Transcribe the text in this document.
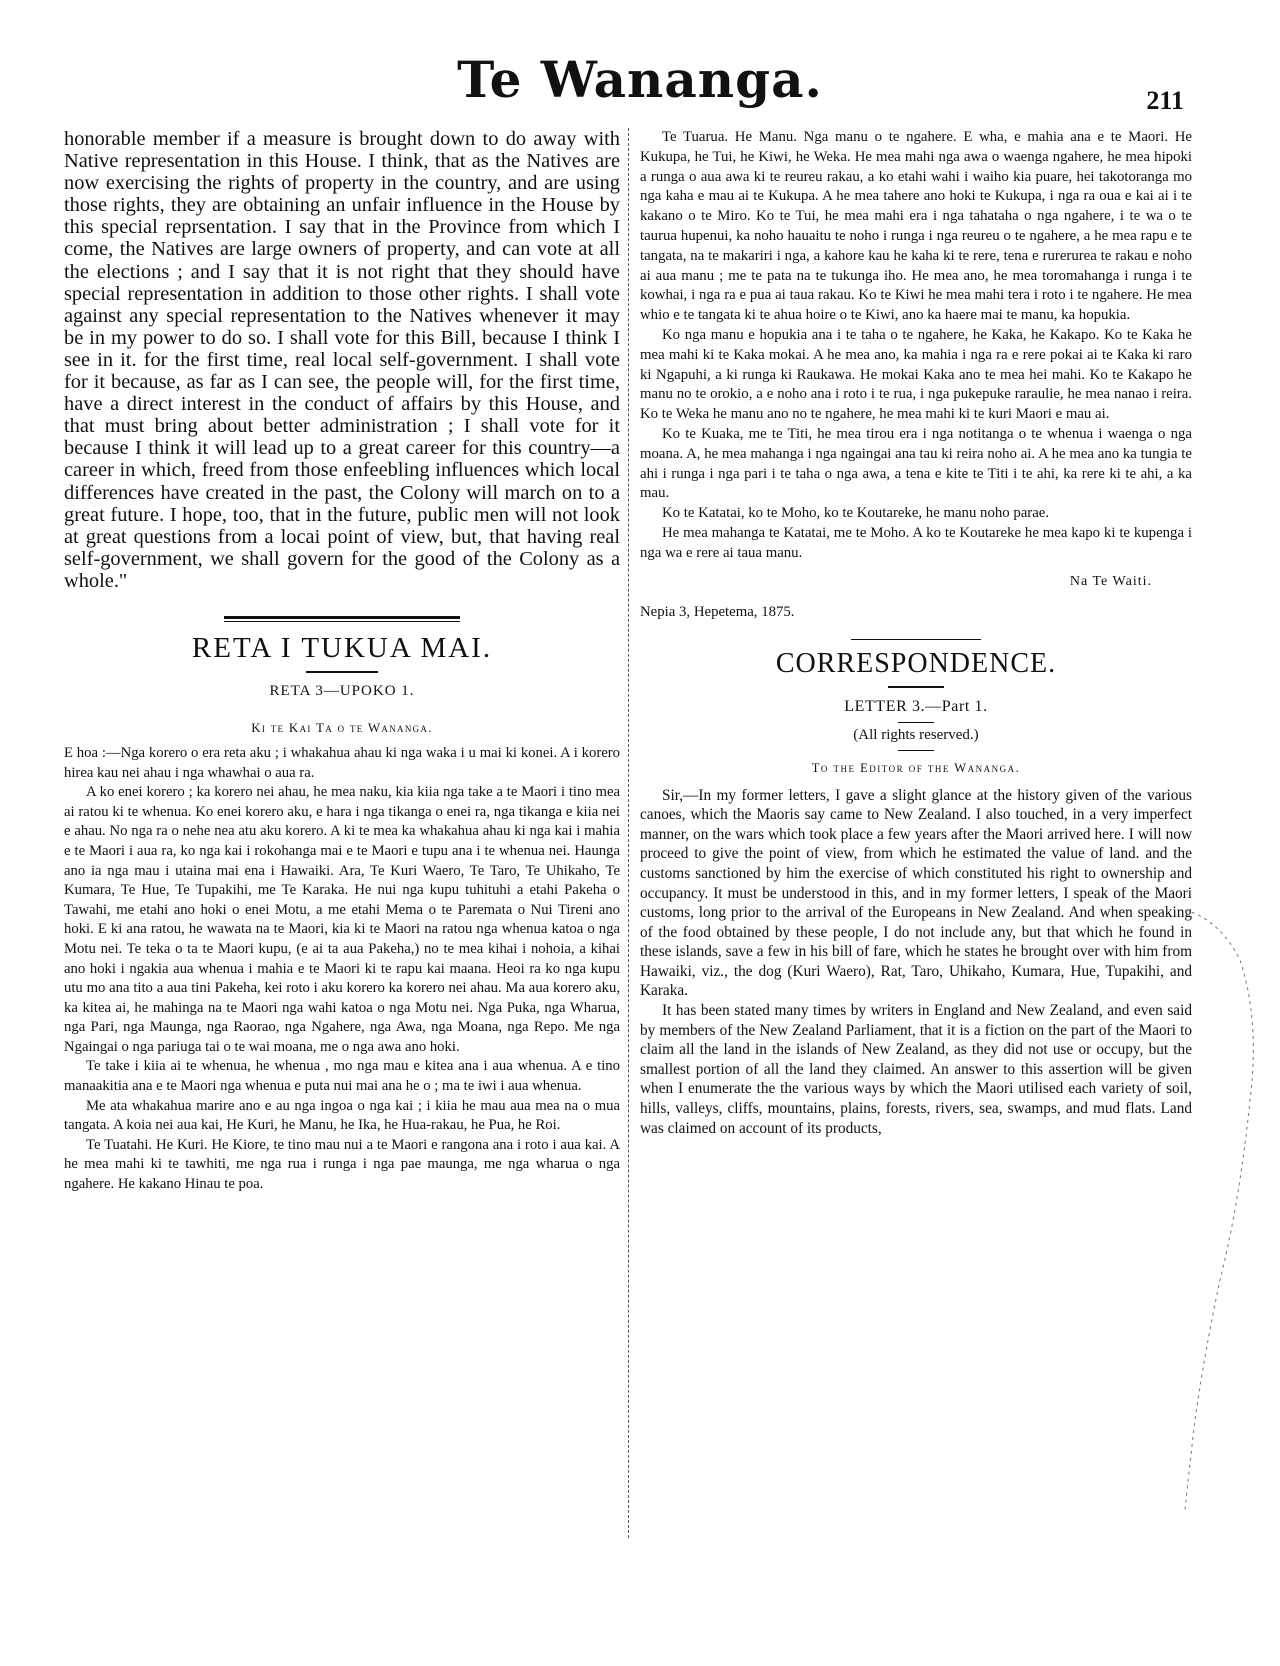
Te Wananga.	211

honorable member if a measure is brought down to do away with Native representation in this House. I think, that as the Natives are now exercising the rights of property in the country, and are using those rights, they are obtaining an unfair influence in the House by this special reprsentation. I say that in the Province from which I come, the Natives are large owners of property, and can vote at all the elections ; and I say that it is not right that they should have special representation in addition to those other rights. I shall vote against any special representation to the Natives whenever it may be in my power to do so. I shall vote for this Bill, because I think I see in it. for the first time, real local self-government. I shall vote for it because, as far as I can see, the people will, for the first time, have a direct interest in the conduct of affairs by this House, and that must bring about better administration ; I shall vote for it because I think it will lead up to a great career for this country—a career in which, freed from those enfeebling influences which local differences have created in the past, the Colony will march on to a great future. I hope, too, that in the future, public men will not look at great questions from a locai point of view, but, that having real self-government, we shall govern for the good of the Colony as a whole."

RETA I TUKUA MAI.
RETA 3—UPOKO 1.
Ki te Kai Ta o te Wananga.

E hoa :—Nga korero o era reta aku ; i whakahua ahau ki nga waka i u mai ki konei. A i korero hirea kau nei ahau i nga whawhai o aua ra.

A ko enei korero ; ka korero nei ahau, he mea naku, kia kiia nga take a te Maori i tino mea ai ratou ki te whenua. Ko enei korero aku, e hara i nga tikanga o enei ra, nga tikanga e kiia nei e ahau. No nga ra o nehe nea atu aku korero. A ki te mea ka whakahua ahau ki nga kai i mahia e te Maori i aua ra, ko nga kai i rokohanga mai e te Maori e tupu ana i te whenua nei. Haunga ano ia nga mau i utaina mai ena i Hawaiki. Ara, Te Kuri Waero, Te Taro, Te Uhikaho, Te Kumara, Te Hue, Te Tupakihi, me Te Karaka. He nui nga kupu tuhituhi a etahi Pakeha o Tawahi, me etahi ano hoki o enei Motu, a me etahi Mema o te Paremata o Nui Tireni ano hoki. E ki ana ratou, he wawata na te Maori, kia ki te Maori na ratou nga whenua katoa o nga Motu nei. Te teka o ta te Maori kupu, (e ai ta aua Pakeha,) no te mea kihai i nohoia, a kihai ano hoki i ngakia aua whenua i mahia e te Maori ki te rapu kai maana. Heoi ra ko nga kupu utu mo ana tito a aua tini Pakeha, kei roto i aku korero ka korero nei ahau. Ma aua korero aku, ka kitea ai, he mahinga na te Maori nga wahi katoa o nga Motu nei. Nga Puka, nga Wharua, nga Pari, nga Maunga, nga Raorao, nga Ngahere, nga Awa, nga Moana, nga Repo. Me nga Ngaingai o nga pariuga tai o te wai moana, me o nga awa ano hoki.

Te take i kiia ai te whenua, he whenua , mo nga mau e kitea ana i aua whenua. A e tino manaakitia ana e te Maori nga whenua e puta nui mai ana he o ; ma te iwi i aua whenua.

Me ata whakahua marire ano e au nga ingoa o nga kai ; i kiia he mau aua mea na o mua tangata. A koia nei aua kai, He Kuri, he Manu, he Ika, he Hua-rakau, he Pua, he Roi.

Te Tuatahi. He Kuri. He Kiore, te tino mau nui a te Maori e rangona ana i roto i aua kai. A he mea mahi ki te tawhiti, me nga rua i runga i nga pae maunga, me nga wharua o nga ngahere. He kakano Hinau te poa.

Te Tuarua. He Manu. Nga manu o te ngahere. E wha, e mahia ana e te Maori. He Kukupa, he Tui, he Kiwi, he Weka. He mea mahi nga awa o waenga ngahere, he mea hipoki a runga o aua awa ki te reureu rakau, a ko etahi wahi i waiho kia puare, hei takotoranga mo nga kaha e mau ai te Kukupa. A he mea tahere ano hoki te Kukupa, i nga ra oua e kai ai i te kakano o te Miro. Ko te Tui, he mea mahi era i nga tahataha o nga ngahere, i te wa o te taurua hupenui, ka noho hauaitu te noho i runga i nga reureu o te ngahere, a he mea rapu e te tangata, na te makariri i nga, a kahore kau he kaha ki te rere, tena e rurerurea te rakau e noho ai aua manu ; me te pata na te tukunga iho. He mea ano, he mea toromahanga i runga i te kowhai, i nga ra e pua ai taua rakau. Ko te Kiwi he mea mahi tera i roto i te ngahere. He mea whio e te tangata ki te ahua hoire o te Kiwi, ano ka haere mai te manu, ka hopukia.

Ko nga manu e hopukia ana i te taha o te ngahere, he Kaka, he Kakapo. Ko te Kaka he mea mahi ki te Kaka mokai. A he mea ano, ka mahia i nga ra e rere pokai ai te Kaka ki raro ki Ngapuhi, a ki runga ki Raukawa. He mokai Kaka ano te mea hei mahi. Ko te Kakapo he manu no te orokio, a e noho ana i roto i te rua, i nga pukepuke raraulie, he mea nanao i reira. Ko te Weka he manu ano no te ngahere, he mea mahi ki te kuri Maori e mau ai.

Ko te Kuaka, me te Titi, he mea tirou era i nga notitanga o te whenua i waenga o nga moana. A, he mea mahanga i nga ngaingai ana tau ki reira noho ai. A he mea ano ka tungia te ahi i runga i nga pari i te taha o nga awa, a tena e kite te Titi i te ahi, ka rere ki te ahi, a ka mau.

Ko te Katatai, ko te Moho, ko te Koutareke, he manu noho parae.

He mea mahanga te Katatai, me te Moho. A ko te Koutareke he mea kapo ki te kupenga i nga wa e rere ai taua manu.

Na Te Waiti.
Nepia 3, Hepetema, 1875.
CORRESPONDENCE.
LETTER 3.—Part 1.
(All rights reserved.)
To the Editor of the Wananga.

Sir,—In my former letters, I gave a slight glance at the history given of the various canoes, which the Maoris say came to New Zealand. I also touched, in a very imperfect manner, on the wars which took place a few years after the Maori arrived here. I will now proceed to give the point of view, from which he estimated the value of land. and the customs sanctioned by him the exercise of which constituted his right to ownership and occupancy. It must be understood in this, and in my former letters, I speak of the Maori customs, long prior to the arrival of the Europeans in New Zealand. And when speaking of the food obtained by these people, I do not include any, but that which he found in these islands, save a few in his bill of fare, which he states he brought over with him from Hawaiki, viz., the dog (Kuri Waero), Rat, Taro, Uhikaho, Kumara, Hue, Tupakihi, and Karaka.

It has been stated many times by writers in England and New Zealand, and even said by members of the New Zealand Parliament, that it is a fiction on the part of the Maori to claim all the land in the islands of New Zealand, as they did not use or occupy, but the smallest portion of all the land they claimed. An answer to this assertion will be given when I enumerate the the various ways by which the Maori utilised each variety of soil, hills, valleys, cliffs, mountains, plains, forests, rivers, sea, swamps, and mud flats. Land was claimed on account of its products,
